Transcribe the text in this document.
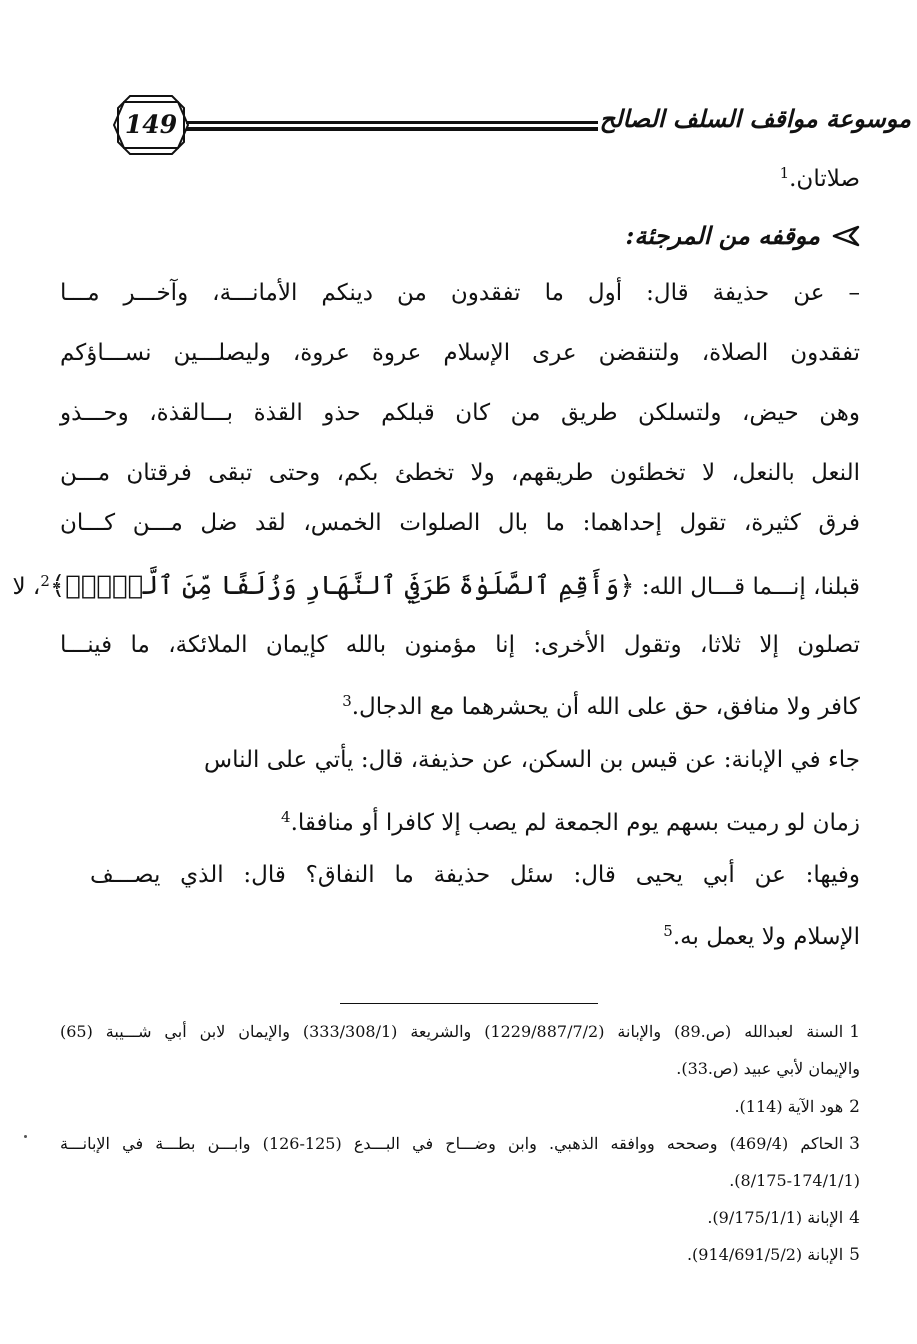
149	موسوعة مواقف السلف الصالح
صلاتان.$^1$
موقفه من المرجئة:
– عن حذيفة قال: أول ما تفقدون من دينكم الأمانـــة، وآخـــر مـــا
تفقدون الصلاة، ولتنقضن عرى الإسلام عروة عروة، وليصلـــين نســـاؤكم
وهن حيض، ولتسلكن طريق من كان قبلكم حذو القذة بـــالقذة، وحـــذو
النعل بالنعل، لا تخطئون طريقهم، ولا تخطئ بكم، وحتى تبقى فرقتان مـــن
فرق كثيرة، تقول إحداهما: ما بال الصلوات الخمس، لقد ضل مـــن كـــان
قبلنا، إنـــما قـــال الله: ﴿وَأَقِمِ ٱلصَّلَوٰةَ طَرَفَيِ ٱلنَّهَارِ وَزُلَفًا مِّنَ ٱلَّيۡلِۚ﴾$^2$، لا
تصلون إلا ثلاثا، وتقول الأخرى: إنا مؤمنون بالله كإيمان الملائكة، ما فينـــا
كافر ولا منافق، حق على الله أن يحشرهما مع الدجال.$^3$
جاء في الإبانة: عن قيس بن السكن، عن حذيفة، قال: يأتي على الناس
زمان لو رميت بسهم يوم الجمعة لم يصب إلا كافرا أو منافقا.$^4$
وفيها: عن أبي يحيى قال: سئل حذيفة ما النفاق؟ قال: الذي يصـــف
الإسلام ولا يعمل به.$^5$
1السنة لعبدالله (ص.89) والإبانة (1229/887/7/2) والشريعة (333/308/1) والإيمان لابن أبي شـــيبة (65)
والإيمان لأبي عبيد (ص.33).
2هود الآية (114).
3الحاكم (469/4) وصححه ووافقه الذهبي. وابن وضـــاح في البـــدع (125-126) وابـــن بطـــة في الإبانـــة
(8/175-174/1/1).
4الإبانة (9/175/1/1).
5الإبانة (914/691/5/2).
